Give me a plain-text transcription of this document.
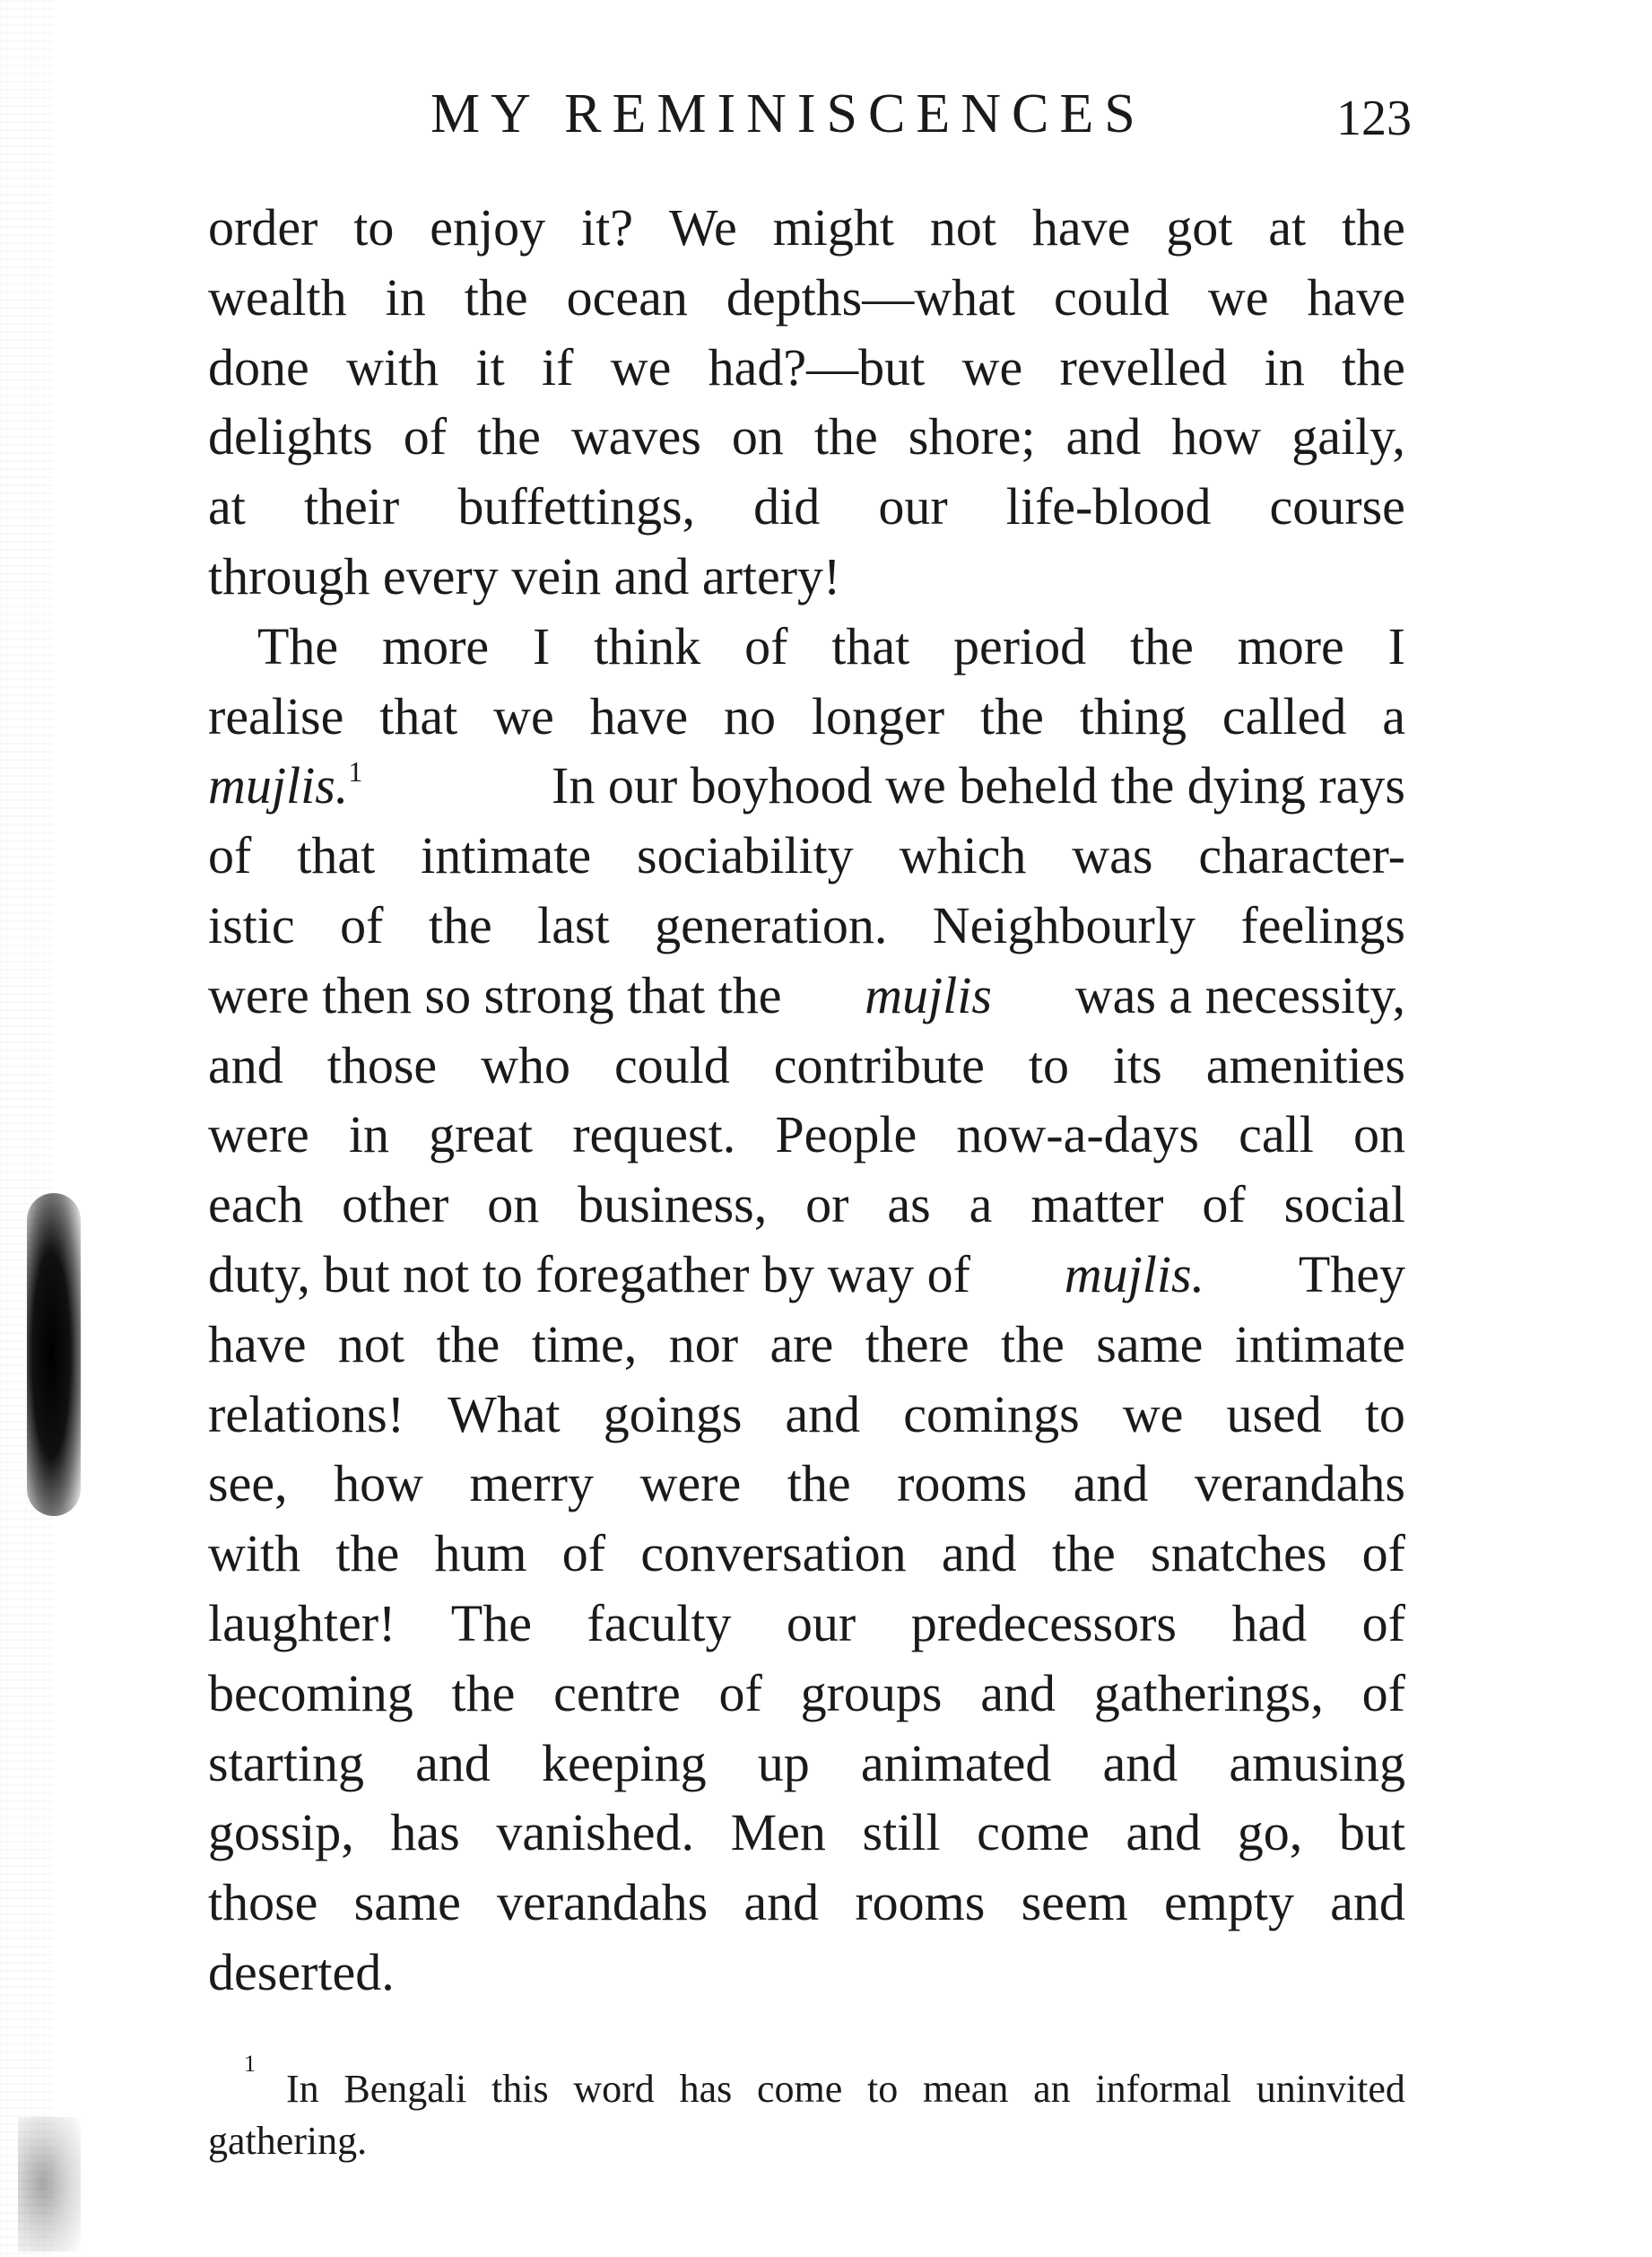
MY REMINISCENCES	123
order to enjoy it? We might not have got at the
wealth in the ocean depths—what could we have
done with it if we had?—but we revelled in the
delights of the waves on the shore; and how gaily,
at their buffettings, did our life-blood course
through every vein and artery!
The more I think of that period the more I
realise that we have no longer the thing called a
mujlis.$^1$	In our boyhood we beheld the dying rays
of that intimate sociability which was character-
istic of the last generation. Neighbourly feelings
were then so strong that the mujlis was a necessity,
and those who could contribute to its amenities
were in great request. People now-a-days call on
each other on business, or as a matter of social
duty, but not to foregather by way of mujlis. They
have not the time, nor are there the same intimate
relations! What goings and comings we used to
see, how merry were the rooms and verandahs
with the hum of conversation and the snatches of
laughter! The faculty our predecessors had of
becoming the centre of groups and gatherings, of
starting and keeping up animated and amusing
gossip, has vanished. Men still come and go, but
those same verandahs and rooms seem empty and
deserted.
1
In Bengali this word has come to mean an informal uninvited
gathering.
